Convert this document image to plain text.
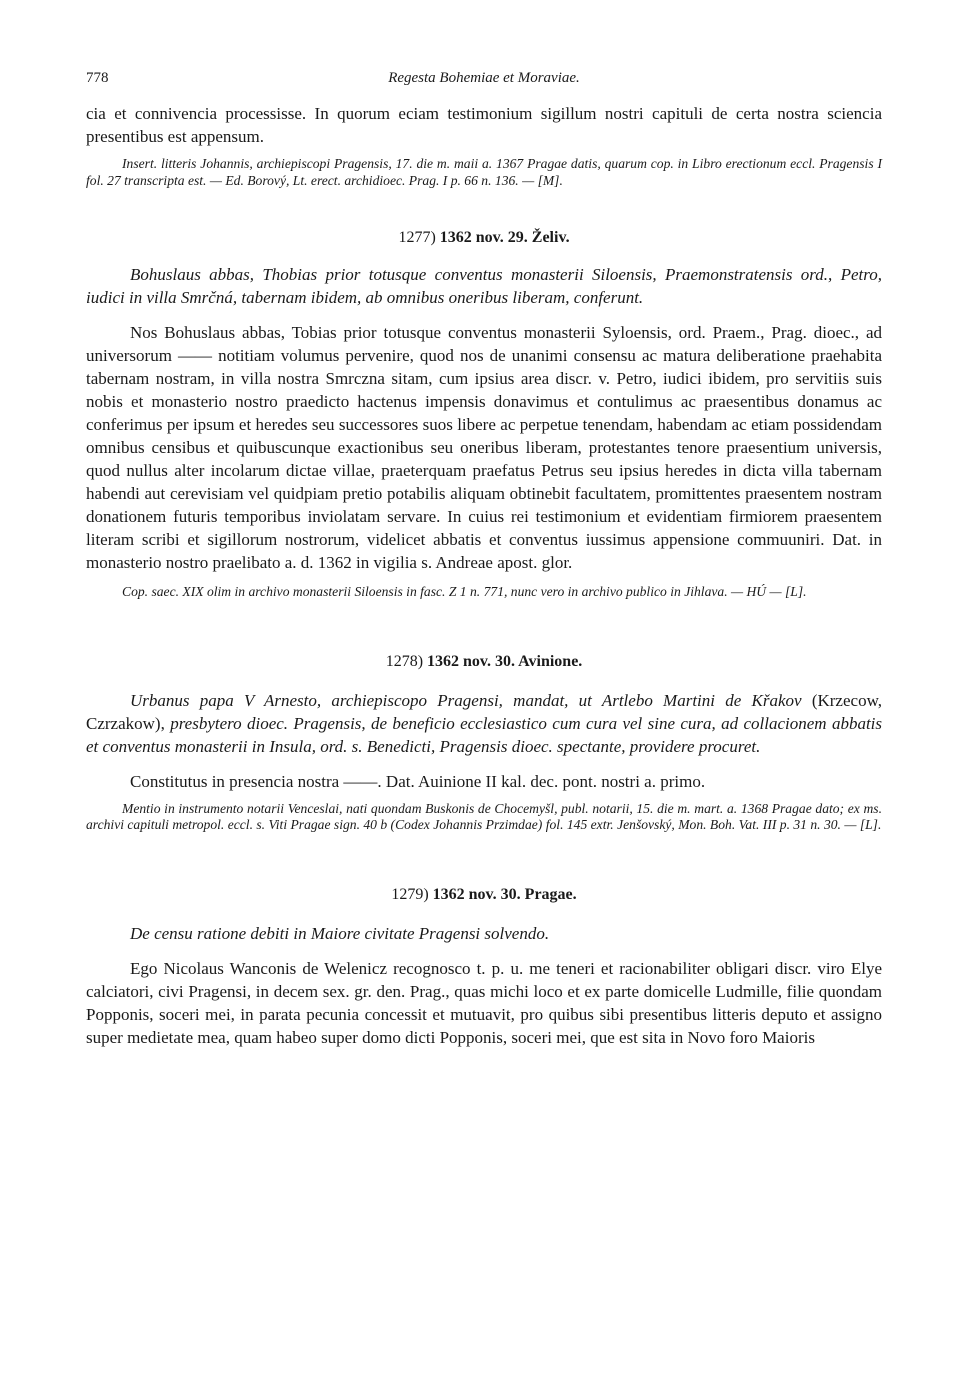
778	Regesta Bohemiae et Moraviae.

cia et connivencia processisse. In quorum eciam testimonium sigillum nostri capituli de certa nostra sciencia presentibus est appensum.

Insert. litteris Johannis, archiepiscopi Pragensis, 17. die m. maii a. 1367 Pragae datis, quarum cop. in Libro erectionum eccl. Pragensis I fol. 27 transcripta est. — Ed. Borový, Lt. erect. archidioec. Prag. I p. 66 n. 136. — [M].

1277) 1362 nov. 29. Želiv.

Bohuslaus abbas, Thobias prior totusque conventus monasterii Siloensis, Praemonstratensis ord., Petro, iudici in villa Smrčná, tabernam ibidem, ab omnibus oneribus liberam, conferunt.

Nos Bohuslaus abbas, Tobias prior totusque conventus monasterii Syloensis, ord. Praem., Prag. dioec., ad universorum —— notitiam volumus pervenire, quod nos de unanimi consensu ac matura deliberatione praehabita tabernam nostram, in villa nostra Smrczna sitam, cum ipsius area discr. v. Petro, iudici ibidem, pro servitiis suis nobis et monasterio nostro praedicto hactenus impensis donavimus et contulimus ac praesentibus donamus ac conferimus per ipsum et heredes seu successores suos libere ac perpetue tenendam, habendam ac etiam possidendam omnibus censibus et quibuscunque exactionibus seu oneribus liberam, protestantes tenore praesentium universis, quod nullus alter incolarum dictae villae, praeterquam praefatus Petrus seu ipsius heredes in dicta villa tabernam habendi aut cerevisiam vel quidpiam pretio potabilis aliquam obtinebit facultatem, promittentes praesentem nostram donationem futuris temporibus inviolatam servare. In cuius rei testimonium et evidentiam firmiorem praesentem literam scribi et sigillorum nostrorum, videlicet abbatis et conventus iussimus appensione commuuniri. Dat. in monasterio nostro praelibato a. d. 1362 in vigilia s. Andreae apost. glor.

Cop. saec. XIX olim in archivo monasterii Siloensis in fasc. Z 1 n. 771, nunc vero in archivo publico in Jihlava. — HÚ — [L].

1278) 1362 nov. 30. Avinione.

Urbanus papa V Arnesto, archiepiscopo Pragensi, mandat, ut Artlebo Martini de Křakov (Krzecow, Czrzakow), presbytero dioec. Pragensis, de beneficio ecclesiastico cum cura vel sine cura, ad collacionem abbatis et conventus monasterii in Insula, ord. s. Benedicti, Pragensis dioec. spectante, providere procuret.

Constitutus in presencia nostra ——. Dat. Auinione II kal. dec. pont. nostri a. primo.

Mentio in instrumento notarii Venceslai, nati quondam Buskonis de Chocemyšl, publ. notarii, 15. die m. mart. a. 1368 Pragae dato; ex ms. archivi capituli metropol. eccl. s. Viti Pragae sign. 40 b (Codex Johannis Przimdae) fol. 145 extr. Jenšovský, Mon. Boh. Vat. III p. 31 n. 30. — [L].

1279) 1362 nov. 30. Pragae.

De censu ratione debiti in Maiore civitate Pragensi solvendo.

Ego Nicolaus Wanconis de Welenicz recognosco t. p. u. me teneri et racionabiliter obligari discr. viro Elye calciatori, civi Pragensi, in decem sex. gr. den. Prag., quas michi loco et ex parte domicelle Ludmille, filie quondam Popponis, soceri mei, in parata pecunia concessit et mutuavit, pro quibus sibi presentibus litteris deputo et assigno super medietate mea, quam habeo super domo dicti Popponis, soceri mei, que est sita in Novo foro Maioris
